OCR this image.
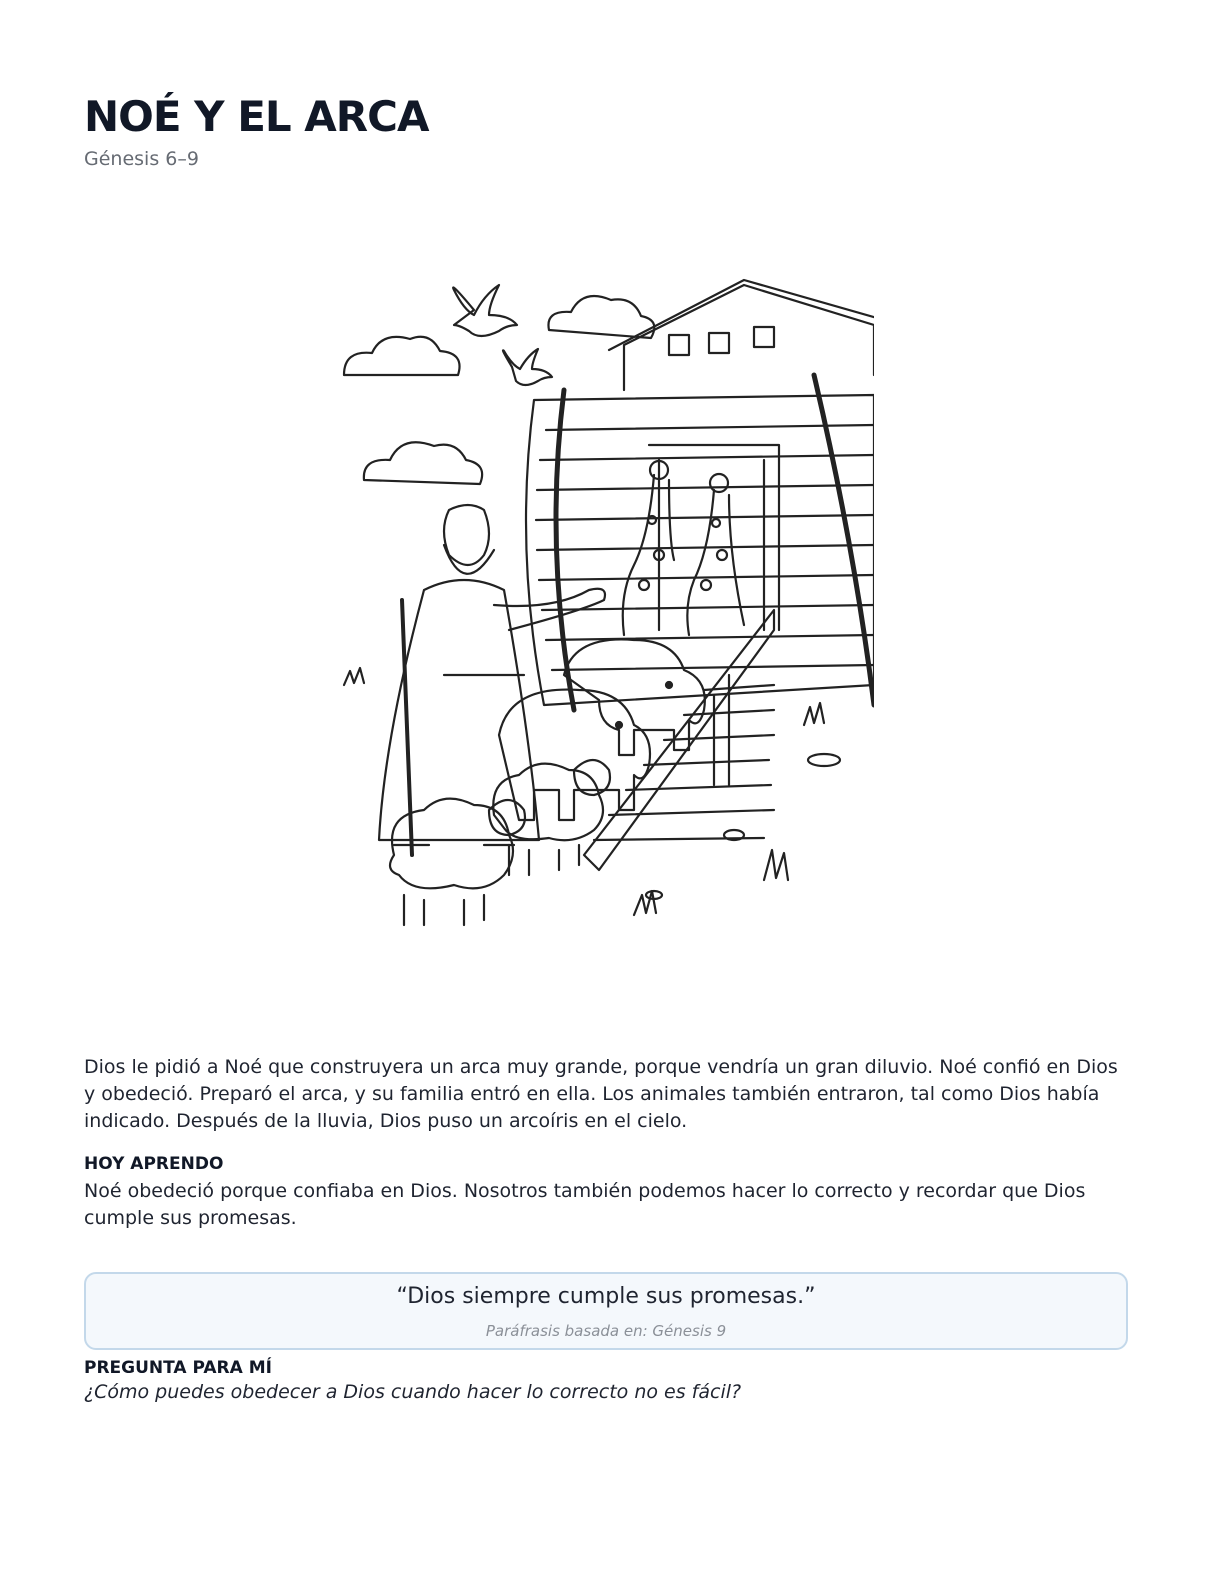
NOÉ Y EL ARCA

Génesis 6–9

Dios le pidió a Noé que construyera un arca muy grande, porque vendría un gran diluvio. Noé confió en Dios y obedeció. Preparó el arca, y su familia entró en ella. Los animales también entraron, tal como Dios había indicado. Después de la lluvia, Dios puso un arcoíris en el cielo.

HOY APRENDO

Noé obedeció porque confiaba en Dios. Nosotros también podemos hacer lo correcto y recordar que Dios cumple sus promesas.

“Dios siempre cumple sus promesas.”

Paráfrasis basada en: Génesis 9

PREGUNTA PARA MÍ

¿Cómo puedes obedecer a Dios cuando hacer lo correcto no es fácil?
